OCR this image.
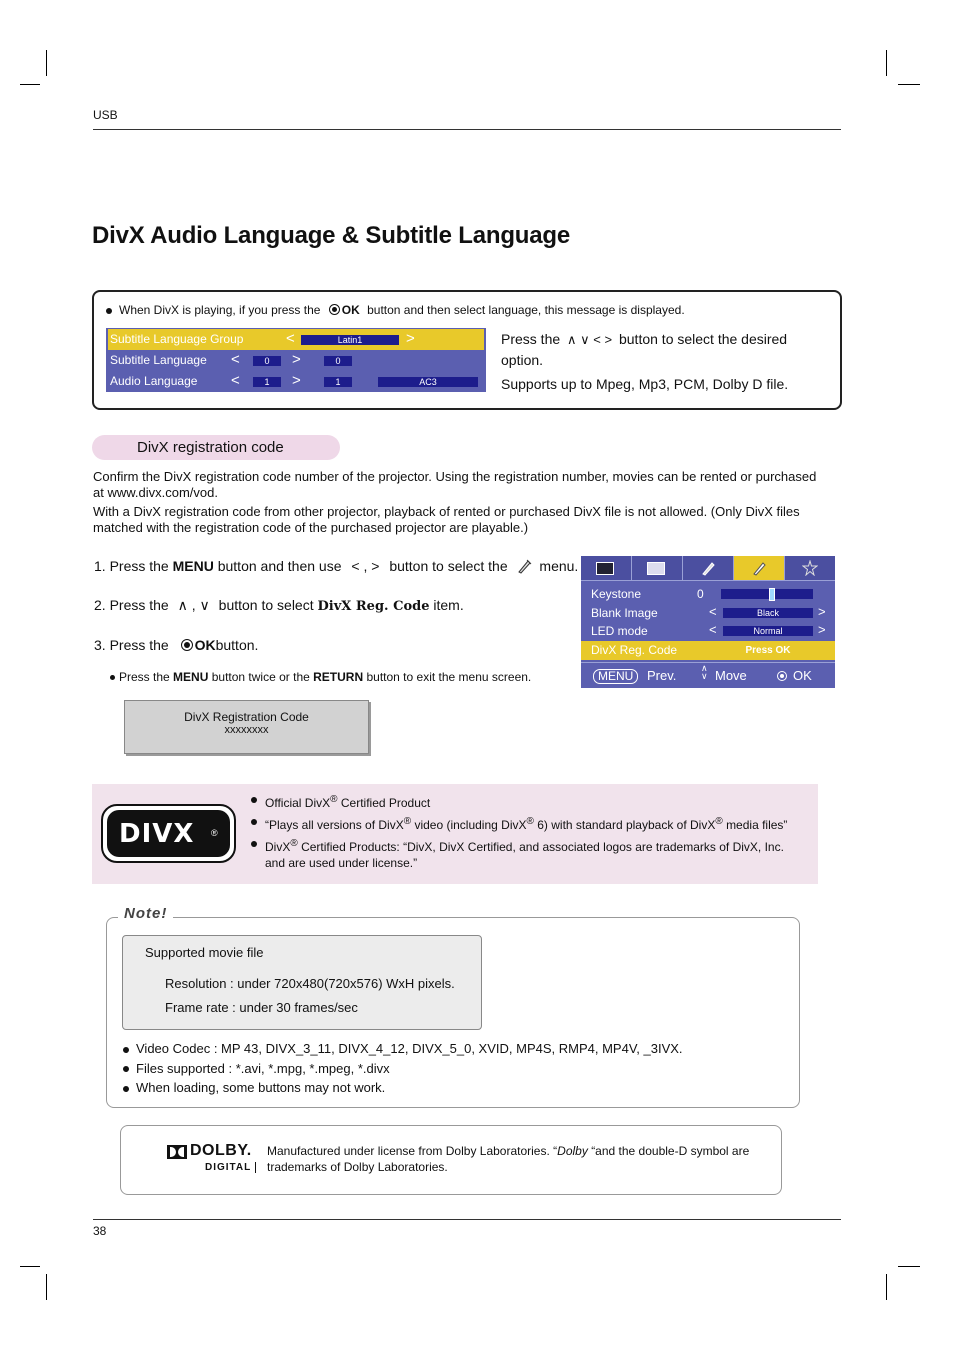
USB
DivX Audio Language & Subtitle Language
When DivX is playing, if you press the OK button and then select language, this message is displayed.
Subtitle Language Group	<	Latin1	>
Subtitle Language <	0	>	0
Audio Language <	1	>	1	AC3
Press the ∧ ∨ < > button to select the desired option.
Supports up to Mpeg, Mp3, PCM, Dolby D file.
DivX registration code
Confirm the DivX registration code number of the projector. Using the registration number, movies can be rented or purchased at www.divx.com/vod.
With a DivX registration code from other projector, playback of rented or purchased DivX file is not allowed. (Only DivX files matched with the registration code of the purchased projector are playable.)
1. Press the MENU button and then use < , > button to select the menu.
2. Press the ∧ , ∨ button to select DivX Reg. Code item.
3. Press the OKbutton.
Press the MENU button twice or the RETURN button to exit the menu screen.
DivX Registration Code
xxxxxxxx
Keystone	0
Blank Image	<	Black	>
LED mode	<	Normal	>
DivX Reg. Code	Press OK
MENU	Prev.	∧
∨ Move	OK
DIVX ®
Official DivX® Certified Product
“Plays all versions of DivX® video (including DivX® 6) with standard playback of DivX® media files”
DivX® Certified Products: “DivX, DivX Certified, and associated logos are trademarks of DivX, Inc. and are used under license.”
Note!
Supported movie file
Resolution : under 720x480(720x576) WxH pixels.
Frame rate : under 30 frames/sec
Video Codec : MP 43, DIVX_3_11, DIVX_4_12, DIVX_5_0, XVID, MP4S, RMP4, MP4V, _3IVX.
Files supported : *.avi, *.mpg, *.mpeg, *.divx
When loading, some buttons may not work.
DOLBY.
DIGITAL
Manufactured under license from Dolby Laboratories. “Dolby “and the double-D symbol are trademarks of Dolby Laboratories.
38
